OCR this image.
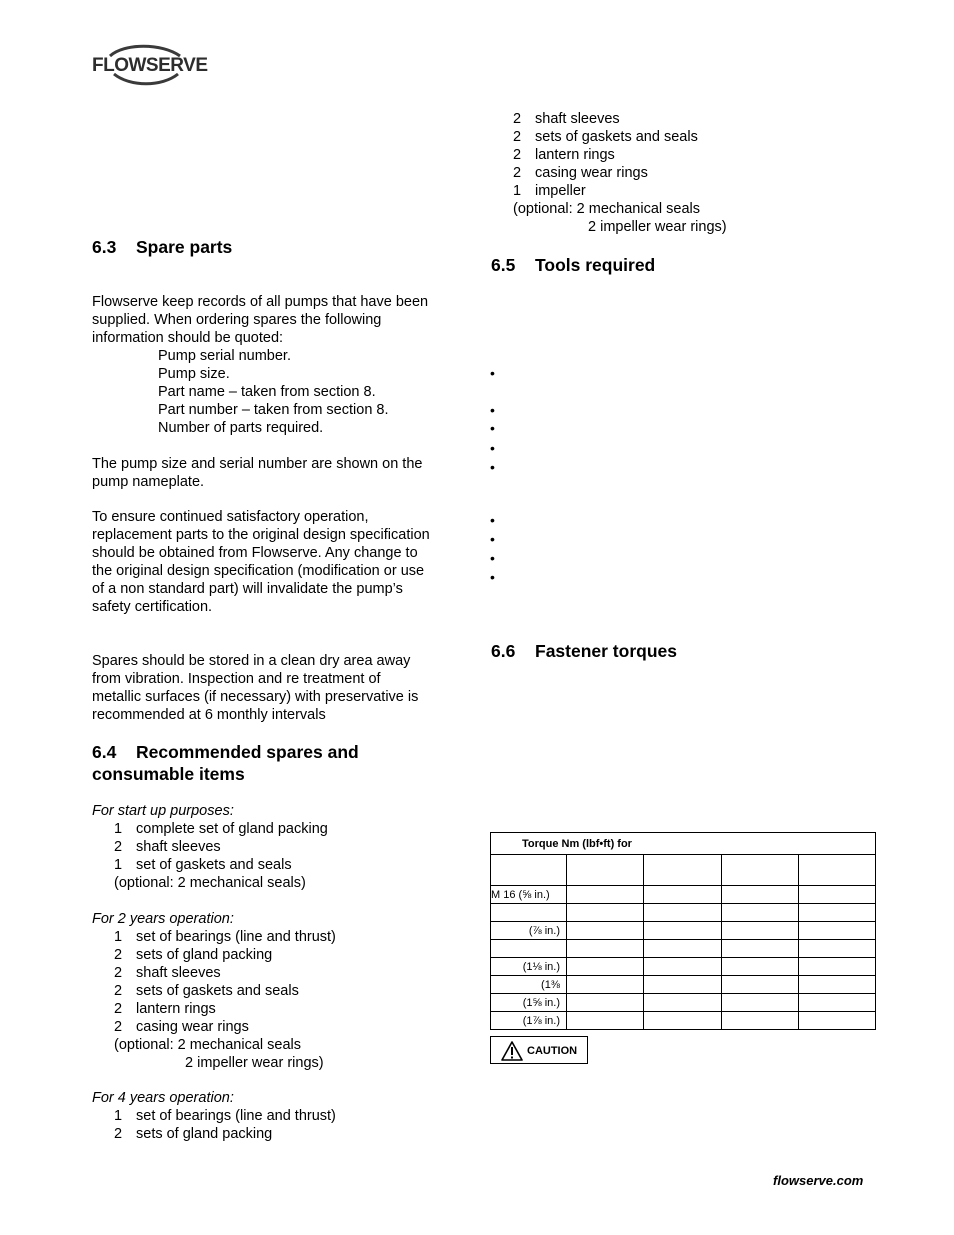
FLOWSERVE
6.3 Spare parts
Flowserve keep records of all pumps that have been
supplied. When ordering spares the following
information should be quoted:
Pump serial number.
Pump size.
Part name – taken from section 8.
Part number – taken from section 8.
Number of parts required.
The pump size and serial number are shown on the
pump nameplate.
To ensure continued satisfactory operation,
replacement parts to the original design specification
should be obtained from Flowserve. Any change to
the original design specification (modification or use
of a non standard part) will invalidate the pump’s
safety certification.
Spares should be stored in a clean dry area away
from vibration. Inspection and re treatment of
metallic surfaces (if necessary) with preservative is
recommended at 6 monthly intervals
6.4 Recommended spares and
consumable items
For start up purposes:
1 complete set of gland packing
2 shaft sleeves
1 set of gaskets and seals
(optional: 2 mechanical seals)
For 2 years operation:
1 set of bearings (line and thrust)
2 sets of gland packing
2 shaft sleeves
2 sets of gaskets and seals
2 lantern rings
2 casing wear rings
(optional: 2 mechanical seals
2 impeller wear rings)
For 4 years operation:
1 set of bearings (line and thrust)
2 sets of gland packing
2 shaft sleeves
2 sets of gaskets and seals
2 lantern rings
2 casing wear rings
1 impeller
(optional: 2 mechanical seals
2 impeller wear rings)
6.5 Tools required
•
•
•
•
•
•
•
•
•
6.6 Fastener torques
Torque Nm (lbf•ft) for				

M 16 (⅝ in.)				

(⅞ in.)				

(1⅛ in.)				
(1⅜				
(1⅝ in.)				
(1⅞ in.)				
CAUTION
flowserve.com
